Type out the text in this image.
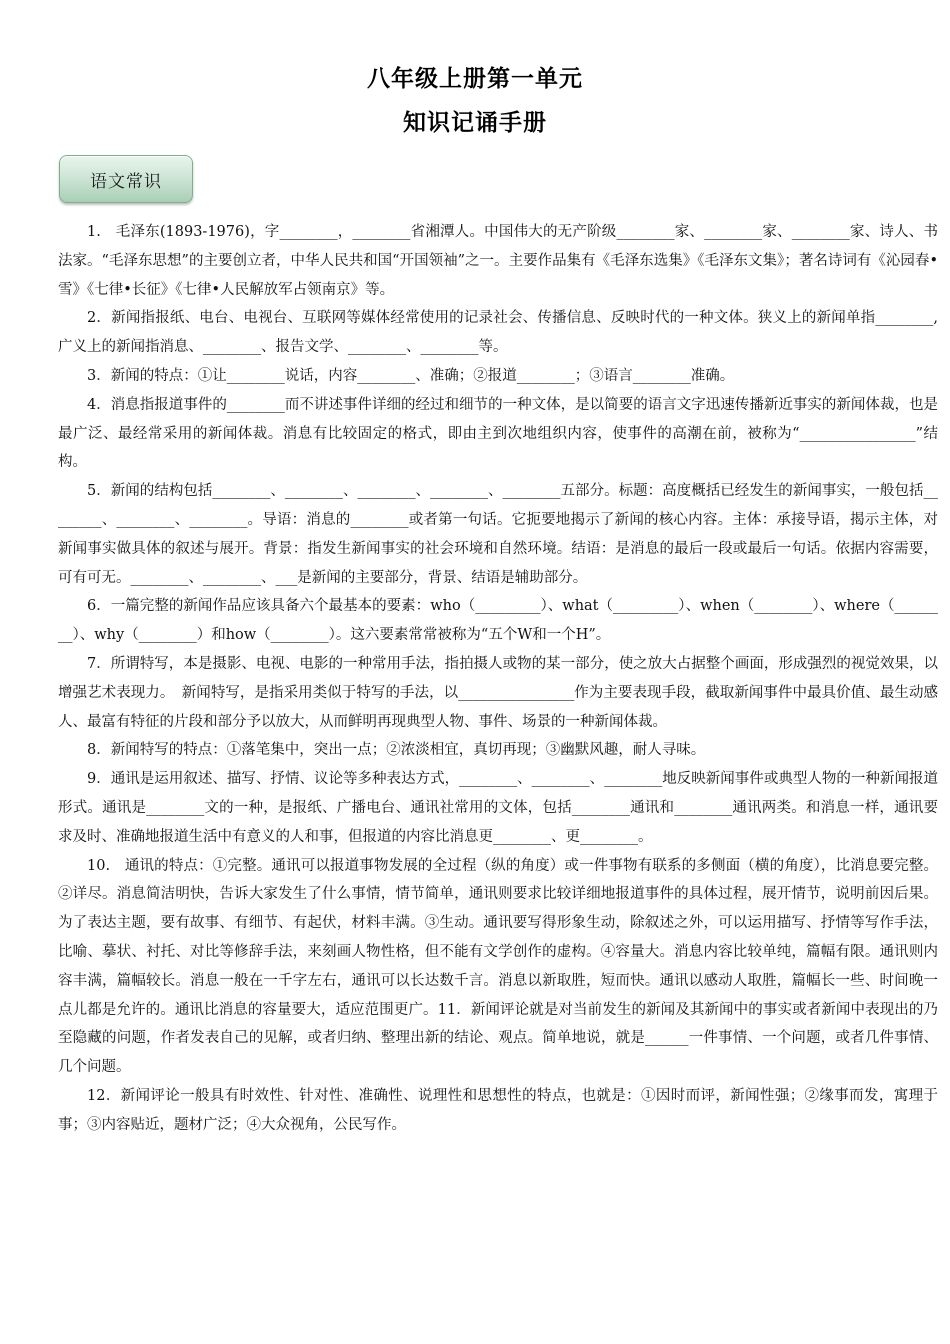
八年级上册第一单元
知识记诵手册
语文常识

1.　毛泽东(1893-1976)，字________，________省湘潭人。中国伟大的无产阶级________家、________家、________家、诗人、书法家。“毛泽东思想”的主要创立者，中华人民共和国“开国领袖”之一。主要作品集有《毛泽东选集》《毛泽东文集》；著名诗词有《沁园春•雪》《七律•长征》《七律•人民解放军占领南京》等。

2．新闻指报纸、电台、电视台、互联网等媒体经常使用的记录社会、传播信息、反映时代的一种文体。狭义上的新闻单指________,广义上的新闻指消息、________、报告文学、________、________等。

3．新闻的特点：①让________说话，内容________、准确；②报道________；③语言________准确。

4．消息指报道事件的________而不讲述事件详细的经过和细节的一种文体，是以简要的语言文字迅速传播新近事实的新闻体裁，也是最广泛、最经常采用的新闻体裁。消息有比较固定的格式，即由主到次地组织内容，使事件的高潮在前，被称为“________________”结构。

5．新闻的结构包括________、________、________、________、________五部分。标题：高度概括已经发生的新闻事实，一般包括________、________、________。导语：消息的________或者第一句话。它扼要地揭示了新闻的核心内容。主体：承接导语，揭示主体，对新闻事实做具体的叙述与展开。背景：指发生新闻事实的社会环境和自然环境。结语：是消息的最后一段或最后一句话。依据内容需要，可有可无。________、________、___是新闻的主要部分，背景、结语是辅助部分。

6．一篇完整的新闻作品应该具备六个最基本的要素：who（_________）、what（_________）、when（________）、where（________）、why（________）和how（________）。这六要素常常被称为“五个W和一个H”。

7．所谓特写，本是摄影、电视、电影的一种常用手法，指拍摄人或物的某一部分，使之放大占据整个画面，形成强烈的视觉效果，以增强艺术表现力。　新闻特写，是指采用类似于特写的手法，以________________作为主要表现手段，截取新闻事件中最具价值、最生动感人、最富有特征的片段和部分予以放大，从而鲜明再现典型人物、事件、场景的一种新闻体裁。

8．新闻特写的特点：①落笔集中，突出一点；②浓淡相宜，真切再现；③幽默风趣，耐人寻味。

9．通讯是运用叙述、描写、抒情、议论等多种表达方式，________、________、________地反映新闻事件或典型人物的一种新闻报道形式。通讯是________文的一种，是报纸、广播电台、通讯社常用的文体，包括________通讯和________通讯两类。和消息一样，通讯要求及时、准确地报道生活中有意义的人和事，但报道的内容比消息更________、更________。

10.　通讯的特点：①完整。通讯可以报道事物发展的全过程（纵的角度）或一件事物有联系的多侧面（横的角度），比消息要完整。②详尽。消息简洁明快，告诉大家发生了什么事情，情节简单，通讯则要求比较详细地报道事件的具体过程，展开情节，说明前因后果。为了表达主题，要有故事、有细节、有起伏，材料丰满。③生动。通讯要写得形象生动，除叙述之外，可以运用描写、抒情等写作手法，比喻、摹状、衬托、对比等修辞手法，来刻画人物性格，但不能有文学创作的虚构。④容量大。消息内容比较单纯，篇幅有限。通讯则内容丰满，篇幅较长。消息一般在一千字左右，通讯可以长达数千言。消息以新取胜，短而快。通讯以感动人取胜，篇幅长一些、时间晚一点儿都是允许的。通讯比消息的容量要大，适应范围更广。11．新闻评论就是对当前发生的新闻及其新闻中的事实或者新闻中表现出的乃至隐藏的问题，作者发表自己的见解，或者归纳、整理出新的结论、观点。简单地说，就是______一件事情、一个问题，或者几件事情、几个问题。

12．新闻评论一般具有时效性、针对性、准确性、说理性和思想性的特点，也就是：①因时而评，新闻性强；②缘事而发，寓理于事；③内容贴近，题材广泛；④大众视角，公民写作。
